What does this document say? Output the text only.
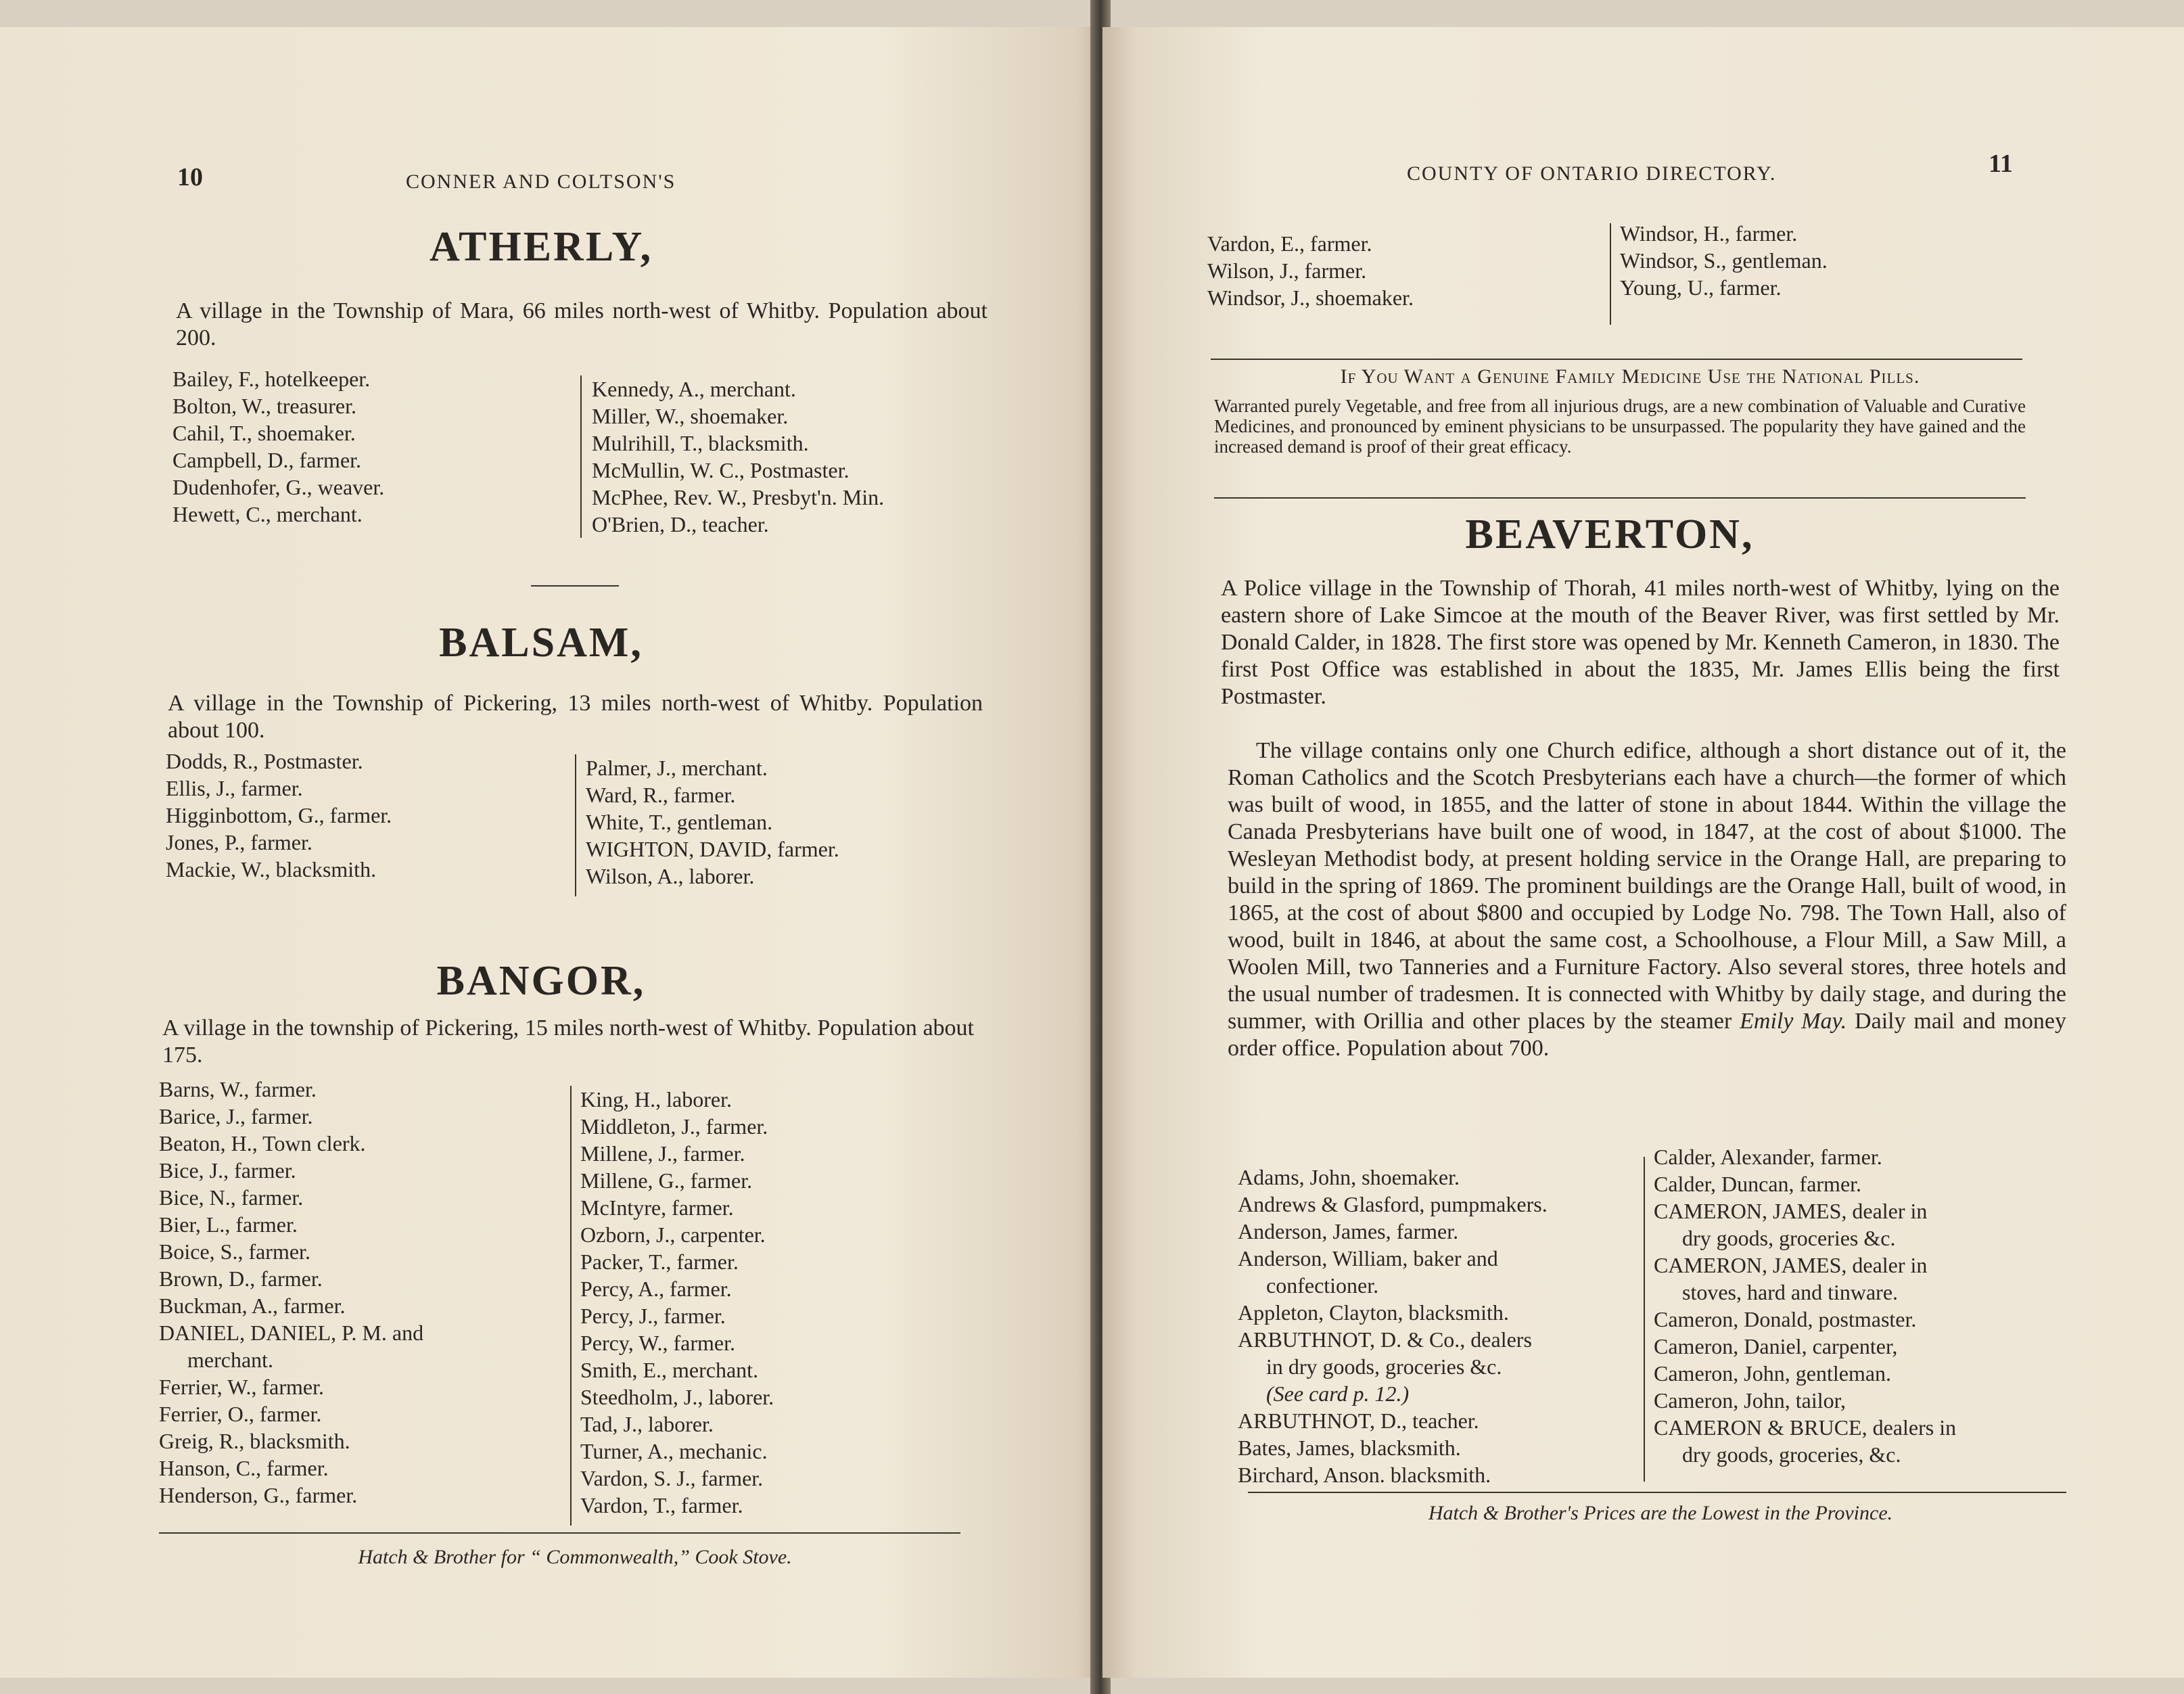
10	CONNER AND COLTSON'S
ATHERLY,
A village in the Township of Mara, 66 miles north-west of Whitby. Population about 200.
Bailey, F., hotelkeeper.
Bolton, W., treasurer.
Cahil, T., shoemaker.
Campbell, D., farmer.
Dudenhofer, G., weaver.
Hewett, C., merchant.
Kennedy, A., merchant.
Miller, W., shoemaker.
Mulrihill, T., blacksmith.
McMullin, W. C., Postmaster.
McPhee, Rev. W., Presbyt'n. Min.
O'Brien, D., teacher.
BALSAM,
A village in the Township of Pickering, 13 miles north-west of Whitby. Population about 100.
Dodds, R., Postmaster.
Ellis, J., farmer.
Higginbottom, G., farmer.
Jones, P., farmer.
Mackie, W., blacksmith.
Palmer, J., merchant.
Ward, R., farmer.
White, T., gentleman.
WIGHTON, DAVID, farmer.
Wilson, A., laborer.
BANGOR,
A village in the township of Pickering, 15 miles north-west of Whitby. Population about 175.
Barns, W., farmer.
Barice, J., farmer.
Beaton, H., Town clerk.
Bice, J., farmer.
Bice, N., farmer.
Bier, L., farmer.
Boice, S., farmer.
Brown, D., farmer.
Buckman, A., farmer.
DANIEL, DANIEL, P. M. and
merchant.
Ferrier, W., farmer.
Ferrier, O., farmer.
Greig, R., blacksmith.
Hanson, C., farmer.
Henderson, G., farmer.
King, H., laborer.
Middleton, J., farmer.
Millene, J., farmer.
Millene, G., farmer.
McIntyre, farmer.
Ozborn, J., carpenter.
Packer, T., farmer.
Percy, A., farmer.
Percy, J., farmer.
Percy, W., farmer.
Smith, E., merchant.
Steedholm, J., laborer.
Tad, J., laborer.
Turner, A., mechanic.
Vardon, S. J., farmer.
Vardon, T., farmer.
Hatch & Brother for “ Commonwealth,” Cook Stove.
COUNTY OF ONTARIO DIRECTORY.	11
Vardon, E., farmer.
Wilson, J., farmer.
Windsor, J., shoemaker.
Windsor, H., farmer.
Windsor, S., gentleman.
Young, U., farmer.
If You Want a Genuine Family Medicine Use the National Pills.
Warranted purely Vegetable, and free from all injurious drugs, are a new combination of Valuable and Curative Medicines, and pronounced by eminent physicians to be unsurpassed. The popularity they have gained and the increased demand is proof of their great efficacy.
BEAVERTON,
A Police village in the Township of Thorah, 41 miles north-west of Whitby, lying on the eastern shore of Lake Simcoe at the mouth of the Beaver River, was first settled by Mr. Donald Calder, in 1828. The first store was opened by Mr. Kenneth Cameron, in 1830. The first Post Office was established in about the 1835, Mr. James Ellis being the first Postmaster.
The village contains only one Church edifice, although a short distance out of it, the Roman Catholics and the Scotch Presbyterians each have a church—the former of which was built of wood, in 1855, and the latter of stone in about 1844. Within the village the Canada Presbyterians have built one of wood, in 1847, at the cost of about $1000. The Wesleyan Methodist body, at present holding service in the Orange Hall, are preparing to build in the spring of 1869. The prominent buildings are the Orange Hall, built of wood, in 1865, at the cost of about $800 and occupied by Lodge No. 798. The Town Hall, also of wood, built in 1846, at about the same cost, a Schoolhouse, a Flour Mill, a Saw Mill, a Woolen Mill, two Tanneries and a Furniture Factory. Also several stores, three hotels and the usual number of tradesmen. It is connected with Whitby by daily stage, and during the summer, with Orillia and other places by the steamer Emily May. Daily mail and money order office. Population about 700.
Adams, John, shoemaker.
Andrews & Glasford, pumpmakers.
Anderson, James, farmer.
Anderson, William, baker and
confectioner.
Appleton, Clayton, blacksmith.
ARBUTHNOT, D. & Co., dealers
in dry goods, groceries &c.
(See card p. 12.)
ARBUTHNOT, D., teacher.
Bates, James, blacksmith.
Birchard, Anson. blacksmith.
Calder, Alexander, farmer.
Calder, Duncan, farmer.
CAMERON, JAMES, dealer in
dry goods, groceries &c.
CAMERON, JAMES, dealer in
stoves, hard and tinware.
Cameron, Donald, postmaster.
Cameron, Daniel, carpenter,
Cameron, John, gentleman.
Cameron, John, tailor,
CAMERON & BRUCE, dealers in
dry goods, groceries, &c.
Hatch & Brother's Prices are the Lowest in the Province.
